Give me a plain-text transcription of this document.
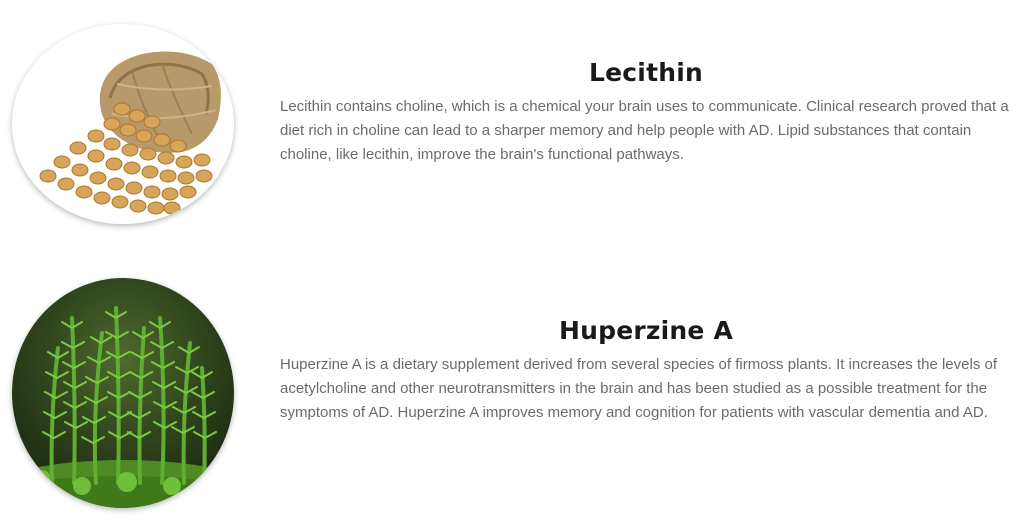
Lecithin

Lecithin contains choline, which is a chemical your brain uses to communicate. Clinical research proved that a diet rich in choline can lead to a sharper memory and help people with AD. Lipid substances that contain choline, like lecithin, improve the brain's functional pathways.

Huperzine A

Huperzine A is a dietary supplement derived from several species of firmoss plants. It increases the levels of acetylcholine and other neurotransmitters in the brain and has been studied as a possible treatment for the symptoms of AD. Huperzine A improves memory and cognition for patients with vascular dementia and AD.
